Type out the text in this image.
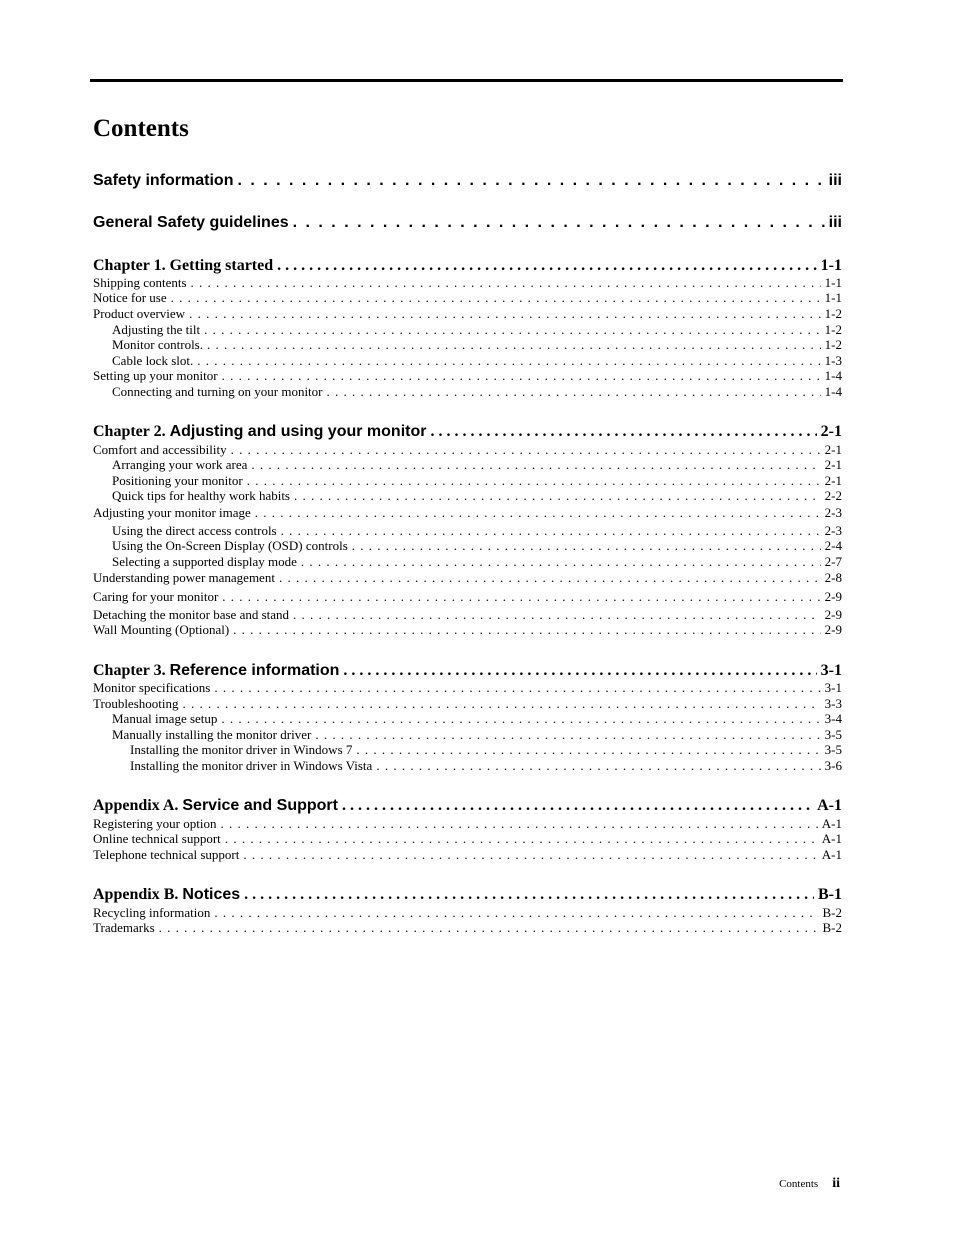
Contents
Safety information . . .	iii
General Safety guidelines . . .	iii
Chapter 1. Getting started . . .	1-1
Shipping contents . . .	1-1
Notice for use . . .	1-1
Product overview . . .	1-2
Adjusting the tilt . . .	1-2
Monitor controls. . . .	1-2
Cable lock slot. . . .	1-3
Setting up your monitor . . .	1-4
Connecting and turning on your monitor . . .	1-4
Chapter 2. Adjusting and using your monitor . . .	2-1
Comfort and accessibility . . .	2-1
Arranging your work area . . .	2-1
Positioning your monitor . . .	2-1
Quick tips for healthy work habits . . .	2-2
Adjusting your monitor image . . .	2-3
Using the direct access controls . . .	2-3
Using the On-Screen Display (OSD) controls . . .	2-4
Selecting a supported display mode . . .	2-7
Understanding power management . . .	2-8
Caring for your monitor . . .	2-9
Detaching the monitor base and stand . . .	2-9
Wall Mounting (Optional) . . .	2-9
Chapter 3. Reference information . . .	3-1
Monitor specifications . . .	3-1
Troubleshooting . . .	3-3
Manual image setup . . .	3-4
Manually installing the monitor driver . . .	3-5
Installing the monitor driver in Windows 7 . . .	3-5
Installing the monitor driver in Windows Vista . . .	3-6
Appendix A. Service and Support . . .	A-1
Registering your option . . .	A-1
Online technical support . . .	A-1
Telephone technical support . . .	A-1
Appendix B. Notices . . .	B-1
Recycling information . . .	B-2
Trademarks . . .	B-2
Contents ii
